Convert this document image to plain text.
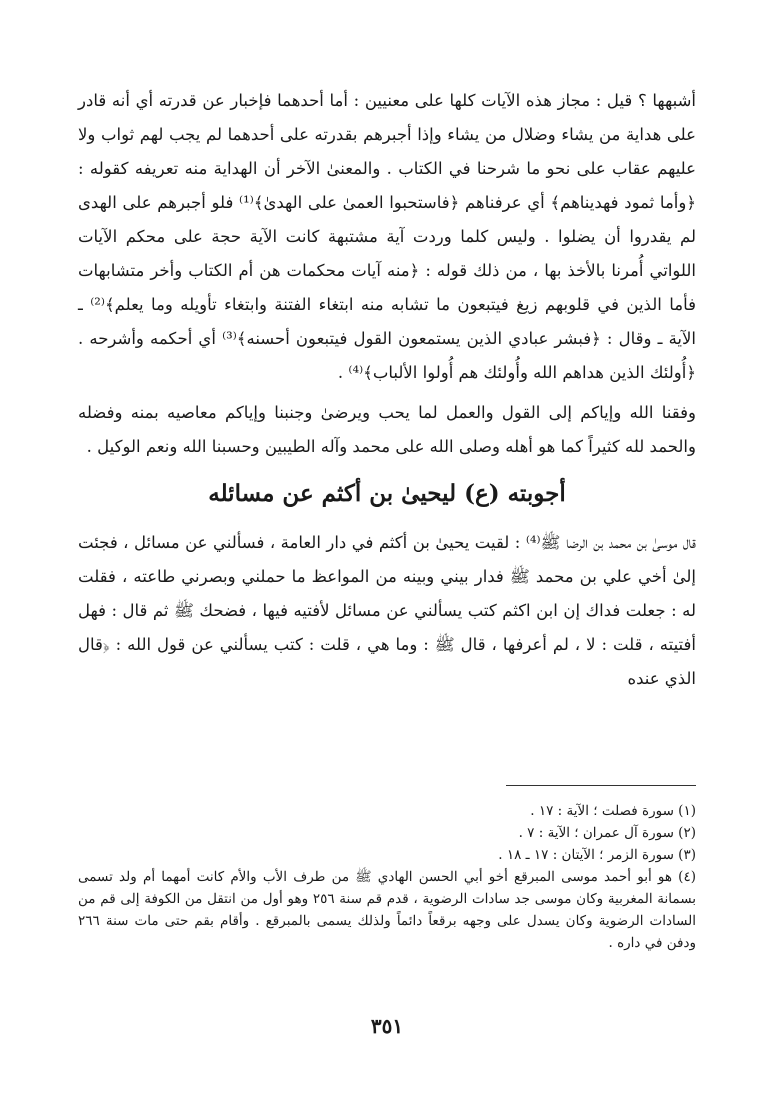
أشبهها ؟ قيل : مجاز هذه الآيات كلها على معنيين : أما أحدهما فإخبار عن قدرته أي أنه قادر على هداية من يشاء وضلال من يشاء وإذا أجبرهم بقدرته على أحدهما لم يجب لهم ثواب ولا عليهم عقاب على نحو ما شرحنا في الكتاب . والمعنىٰ الآخر أن الهداية منه تعريفه كقوله : ﴿وأما ثمود فهديناهم﴾ أي عرفناهم ﴿فاستحبوا العمىٰ على الهدىٰ﴾⁽¹⁾ فلو أجبرهم على الهدى لم يقدروا أن يضلوا . وليس كلما وردت آية مشتبهة كانت الآية حجة على محكم الآيات اللواتي أُمرنا بالأخذ بها ، من ذلك قوله : ﴿منه آيات محكمات هن أم الكتاب وأخر متشابهات فأما الذين في قلوبهم زيغ فيتبعون ما تشابه منه ابتغاء الفتنة وابتغاء تأويله وما يعلم﴾⁽²⁾ ـ الآية ـ وقال : ﴿فبشر عبادي الذين يستمعون القول فيتبعون أحسنه﴾⁽³⁾ أي أحكمه وأشرحه . ﴿أُولئك الذين هداهم الله وأُولئك هم أُولوا الألباب﴾⁽⁴⁾ .

وفقنا الله وإياكم إلى القول والعمل لما يحب ويرضىٰ وجنبنا وإياكم معاصيه بمنه وفضله والحمد لله كثيراً كما هو أهله وصلى الله على محمد وآله الطيبين وحسبنا الله ونعم الوكيل .

أجوبته (ع) ليحيىٰ بن أكثم عن مسائله

قال موسىٰ بن محمد بن الرضا ﷺ⁽⁴⁾ : لقيت يحيىٰ بن أكثم في دار العامة ، فسألني عن مسائل ، فجئت إلىٰ أخي علي بن محمد ﷺ فدار بيني وبينه من المواعظ ما حملني وبصرني طاعته ، فقلت له : جعلت فداك إن ابن اكثم كتب يسألني عن مسائل لأفتيه فيها ، فضحك ﷺ ثم قال : فهل أفتيته ، قلت : لا ، لم أعرفها ، قال ﷺ : وما هي ، قلت : كتب يسألني عن قول الله : ﴿قال الذي عنده

(١) سورة فصلت ؛ الآية : ١٧ .

(٢) سورة آل عمران ؛ الآية : ٧ .

(٣) سورة الزمر ؛ الآيتان : ١٧ ـ ١٨ .

(٤) هو أبو أحمد موسى المبرقع أخو أبي الحسن الهادي ﷺ من طرف الأب والأم كانت أمهما أم ولد تسمى بسمانة المغربية وكان موسى جد سادات الرضوية ، قدم قم سنة ٢٥٦ وهو أول من انتقل من الكوفة إلى قم من السادات الرضوية وكان يسدل على وجهه برقعاً دائماً ولذلك يسمى بالمبرقع . وأقام بقم حتى مات سنة ٢٦٦ ودفن في داره .

٣٥١
